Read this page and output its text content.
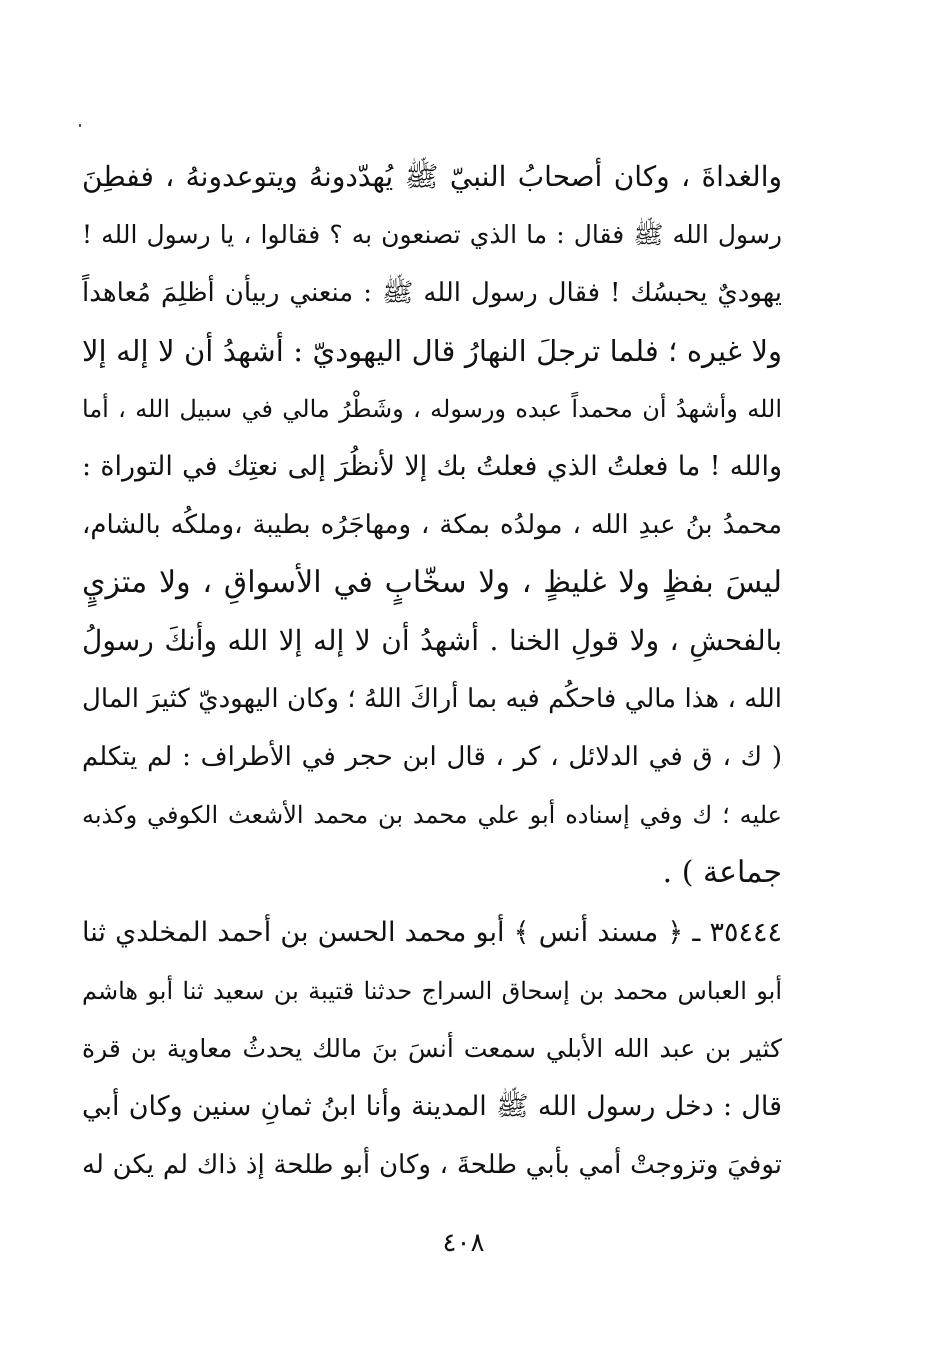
والغداةَ ، وكان أصحابُ النبيّ ﷺ يُهدّدونهُ ويتوعدونهُ ، ففطِنَ
رسول الله ﷺ فقال : ما الذي تصنعون به ؟ فقالوا ، يا رسول الله !
يهوديٌ يحبسُك ! فقال رسول الله ﷺ : منعني ربيأن أظلِمَ مُعاهداً
ولا غيره ؛ فلما ترجلَ النهارُ قال اليهوديّ : أشهدُ أن لا إله إلا
الله وأشهدُ أن محمداً عبده ورسوله ، وشَطْرُ مالي في سبيل الله ، أما
والله ! ما فعلتُ الذي فعلتُ بك إلا لأنظُرَ إلى نعتِك في التوراة :
محمدُ بنُ عبدِ الله ، مولدُه بمكة ، ومهاجَرُه بطيبة ،وملكُه بالشام،
ليسَ بفظٍ ولا غليظٍ ، ولا سخّابٍ في الأسواقِ ، ولا متزيٍ
بالفحشِ ، ولا قولِ الخنا . أشهدُ أن لا إله إلا الله وأنكَ رسولُ
الله ، هذا مالي فاحكُم فيه بما أراكَ اللهُ ؛ وكان اليهوديّ كثيرَ المال
( ك ، ق في الدلائل ، كر ، قال ابن حجر في الأطراف : لم يتكلم
عليه ؛ ك وفي إسناده أبو علي محمد بن محمد الأشعث الكوفي وكذبه
جماعة ) .
٣٥٤٤٤ ـ ﴿ مسند أنس ﴾ أبو محمد الحسن بن أحمد المخلدي ثنا
أبو العباس محمد بن إسحاق السراج حدثنا قتيبة بن سعيد ثنا أبو هاشم
كثير بن عبد الله الأبلي سمعت أنسَ بنَ مالك يحدثُ معاوية بن قرة
قال : دخل رسول الله ﷺ المدينة وأنا ابنُ ثمانِ سنين وكان أبي
توفيَ وتزوجتْ أمي بأبي طلحةَ ، وكان أبو طلحة إذ ذاك لم يكن له
٤٠٨
